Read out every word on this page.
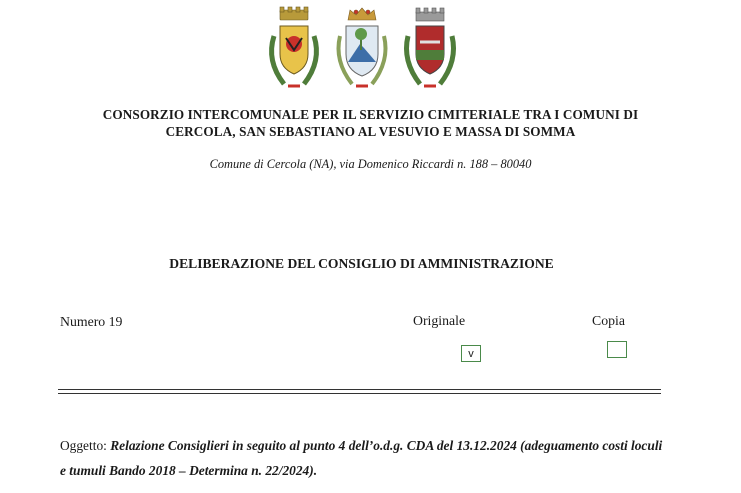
CONSORZIO INTERCOMUNALE PER IL SERVIZIO CIMITERIALE TRA I COMUNI DI
CERCOLA, SAN SEBASTIANO AL VESUVIO E MASSA DI SOMMA
Comune di Cercola (NA), via Domenico Riccardi n. 188 – 80040
DELIBERAZIONE DEL CONSIGLIO DI AMMINISTRAZIONE
Numero 19	Originale
v
Copia
Oggetto: Relazione Consiglieri in seguito al punto 4 dell’o.d.g. CDA del 13.12.2024 (adeguamento costi loculi e tumuli Bando 2018 – Determina n. 22/2024).
